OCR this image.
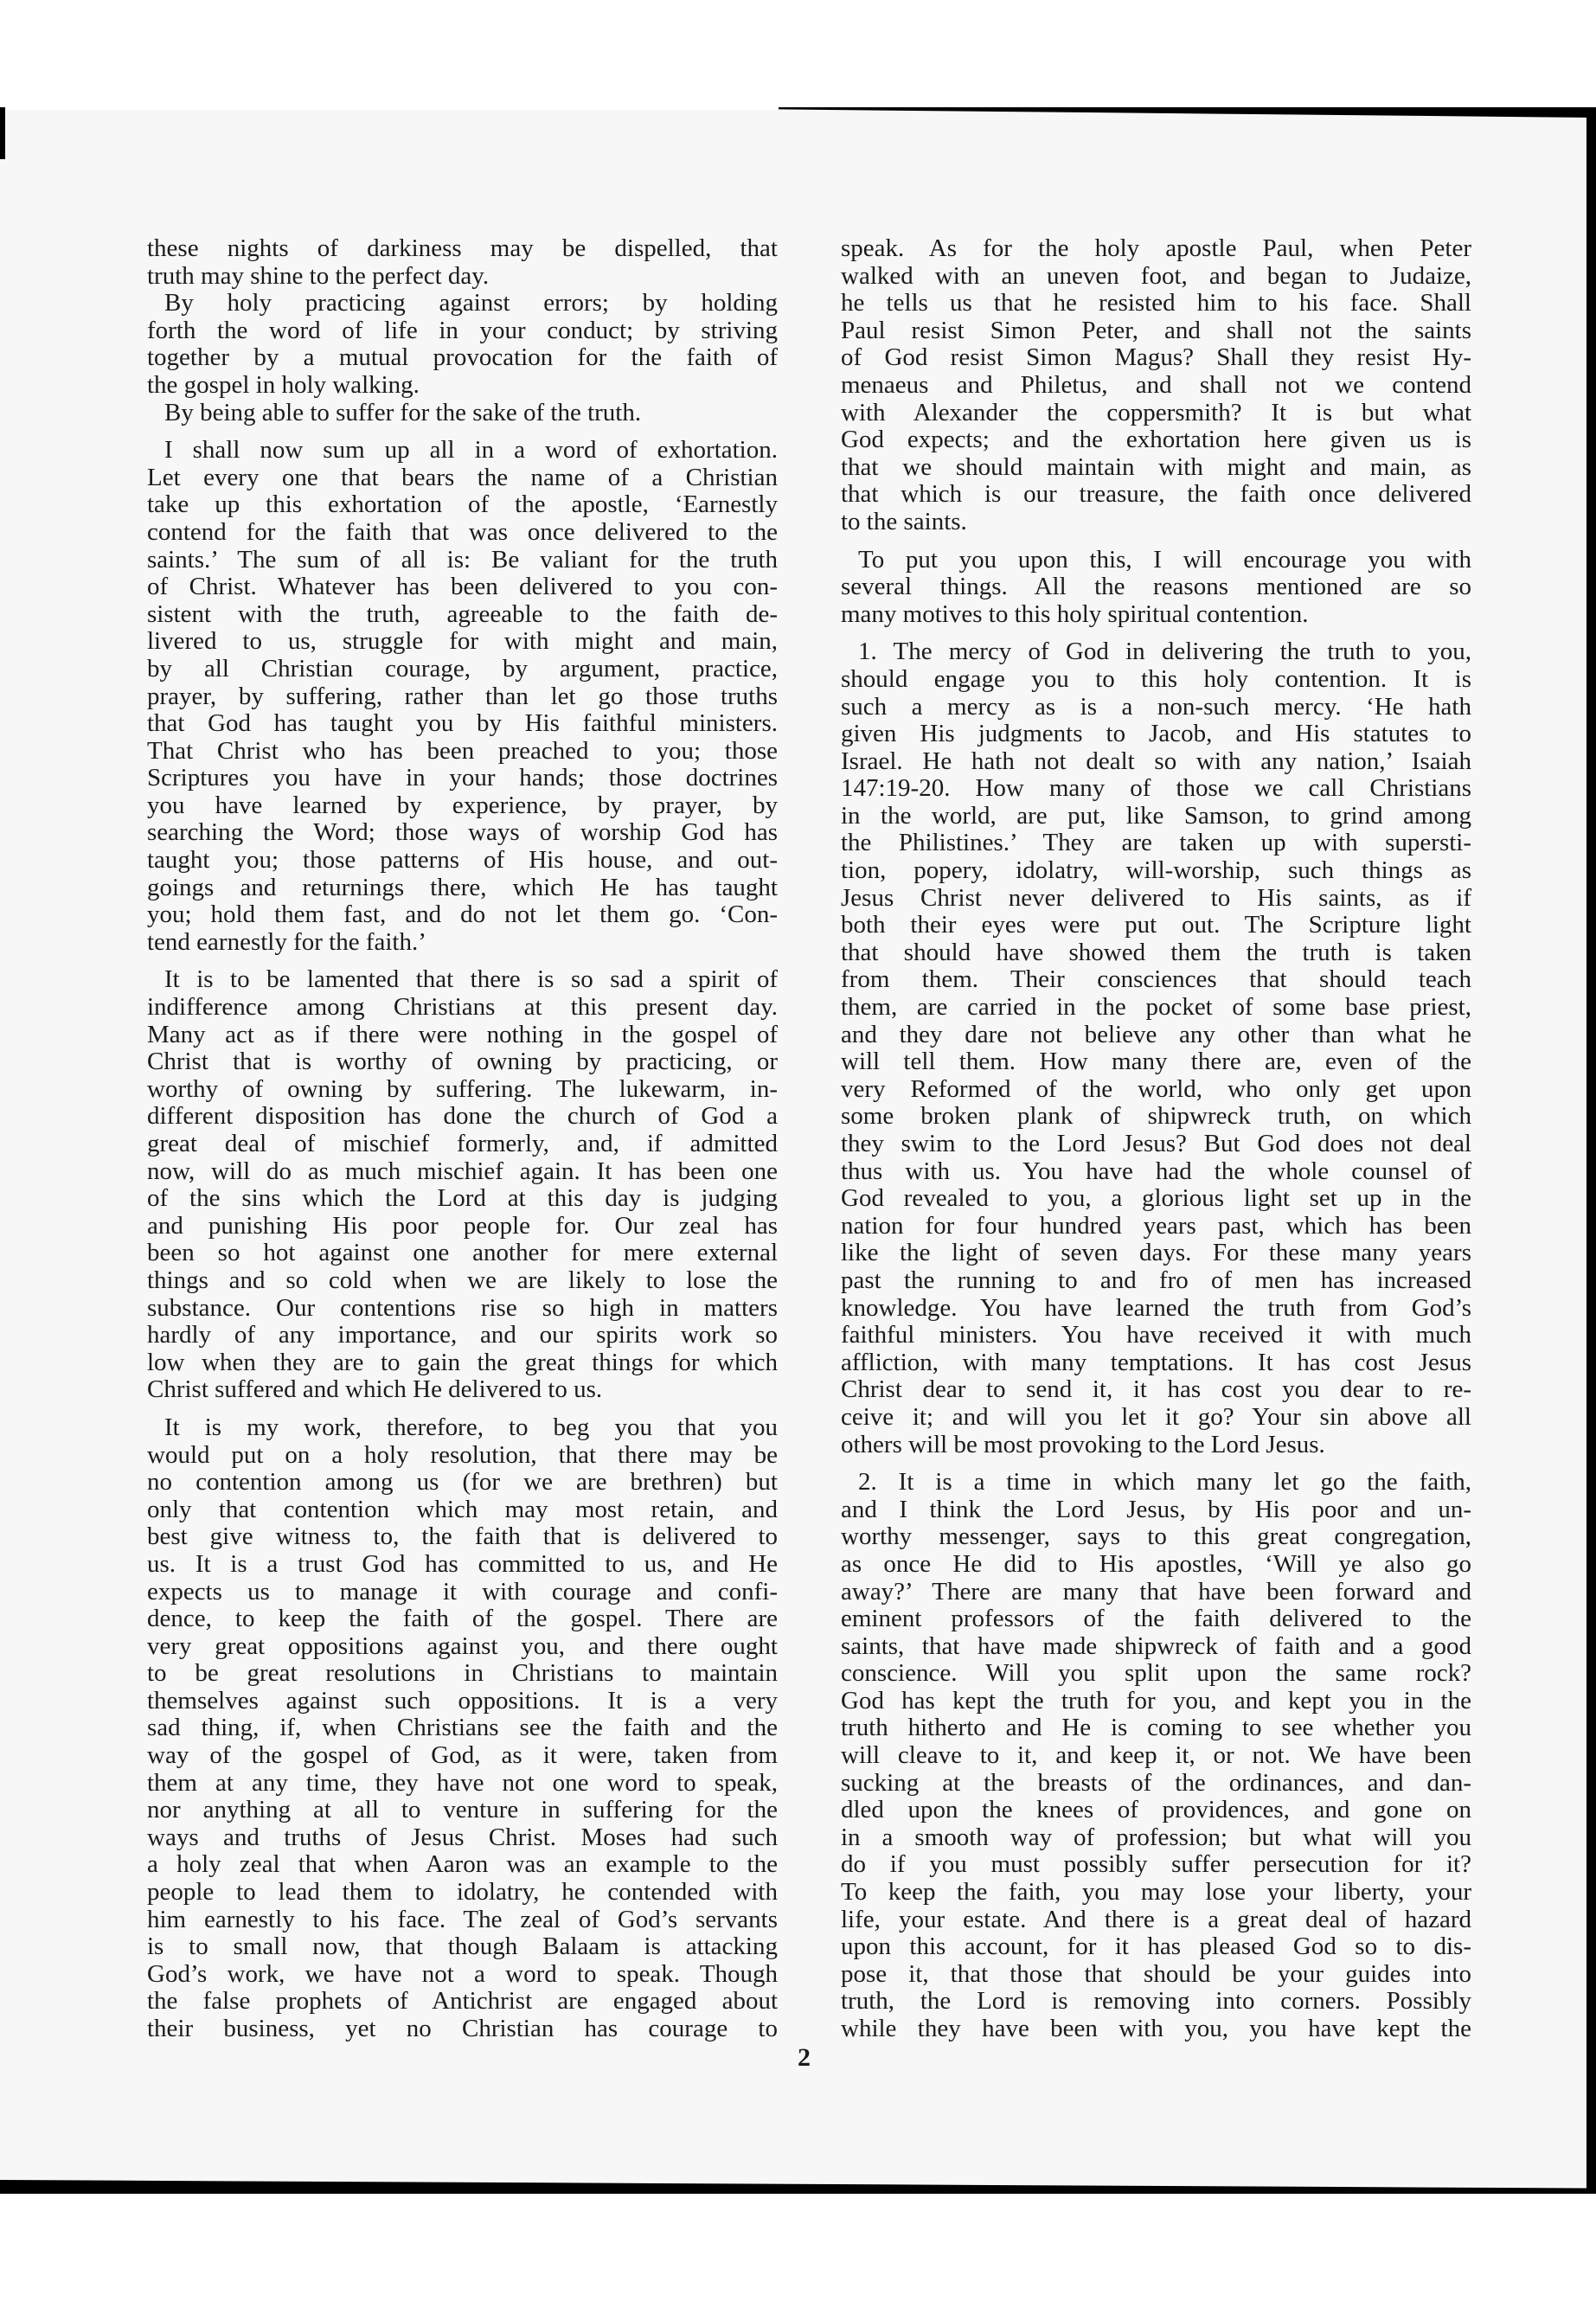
these nights of darkiness may be dispelled, that
truth may shine to the perfect day.
By holy practicing against errors; by holding
forth the word of life in your conduct; by striving
together by a mutual provocation for the faith of
the gospel in holy walking.
By being able to suffer for the sake of the truth.
I shall now sum up all in a word of exhortation.
Let every one that bears the name of a Christian
take up this exhortation of the apostle, ‘Earnestly
contend for the faith that was once delivered to the
saints.’ The sum of all is: Be valiant for the truth
of Christ. Whatever has been delivered to you con-
sistent with the truth, agreeable to the faith de-
livered to us, struggle for with might and main,
by all Christian courage, by argument, practice,
prayer, by suffering, rather than let go those truths
that God has taught you by His faithful ministers.
That Christ who has been preached to you; those
Scriptures you have in your hands; those doctrines
you have learned by experience, by prayer, by
searching the Word; those ways of worship God has
taught you; those patterns of His house, and out-
goings and returnings there, which He has taught
you; hold them fast, and do not let them go. ‘Con-
tend earnestly for the faith.’
It is to be lamented that there is so sad a spirit of
indifference among Christians at this present day.
Many act as if there were nothing in the gospel of
Christ that is worthy of owning by practicing, or
worthy of owning by suffering. The lukewarm, in-
different disposition has done the church of God a
great deal of mischief formerly, and, if admitted
now, will do as much mischief again. It has been one
of the sins which the Lord at this day is judging
and punishing His poor people for. Our zeal has
been so hot against one another for mere external
things and so cold when we are likely to lose the
substance. Our contentions rise so high in matters
hardly of any importance, and our spirits work so
low when they are to gain the great things for which
Christ suffered and which He delivered to us.
It is my work, therefore, to beg you that you
would put on a holy resolution, that there may be
no contention among us (for we are brethren) but
only that contention which may most retain, and
best give witness to, the faith that is delivered to
us. It is a trust God has committed to us, and He
expects us to manage it with courage and confi-
dence, to keep the faith of the gospel. There are
very great oppositions against you, and there ought
to be great resolutions in Christians to maintain
themselves against such oppositions. It is a very
sad thing, if, when Christians see the faith and the
way of the gospel of God, as it were, taken from
them at any time, they have not one word to speak,
nor anything at all to venture in suffering for the
ways and truths of Jesus Christ. Moses had such
a holy zeal that when Aaron was an example to the
people to lead them to idolatry, he contended with
him earnestly to his face. The zeal of God’s servants
is to small now, that though Balaam is attacking
God’s work, we have not a word to speak. Though
the false prophets of Antichrist are engaged about
their business, yet no Christian has courage to
speak. As for the holy apostle Paul, when Peter
walked with an uneven foot, and began to Judaize,
he tells us that he resisted him to his face. Shall
Paul resist Simon Peter, and shall not the saints
of God resist Simon Magus? Shall they resist Hy-
menaeus and Philetus, and shall not we contend
with Alexander the coppersmith? It is but what
God expects; and the exhortation here given us is
that we should maintain with might and main, as
that which is our treasure, the faith once delivered
to the saints.
To put you upon this, I will encourage you with
several things. All the reasons mentioned are so
many motives to this holy spiritual contention.
1. The mercy of God in delivering the truth to you,
should engage you to this holy contention. It is
such a mercy as is a non-such mercy. ‘He hath
given His judgments to Jacob, and His statutes to
Israel. He hath not dealt so with any nation,’ Isaiah
147:19-20. How many of those we call Christians
in the world, are put, like Samson, to grind among
the Philistines.’ They are taken up with supersti-
tion, popery, idolatry, will-worship, such things as
Jesus Christ never delivered to His saints, as if
both their eyes were put out. The Scripture light
that should have showed them the truth is taken
from them. Their consciences that should teach
them, are carried in the pocket of some base priest,
and they dare not believe any other than what he
will tell them. How many there are, even of the
very Reformed of the world, who only get upon
some broken plank of shipwreck truth, on which
they swim to the Lord Jesus? But God does not deal
thus with us. You have had the whole counsel of
God revealed to you, a glorious light set up in the
nation for four hundred years past, which has been
like the light of seven days. For these many years
past the running to and fro of men has increased
knowledge. You have learned the truth from God’s
faithful ministers. You have received it with much
affliction, with many temptations. It has cost Jesus
Christ dear to send it, it has cost you dear to re-
ceive it; and will you let it go? Your sin above all
others will be most provoking to the Lord Jesus.
2. It is a time in which many let go the faith,
and I think the Lord Jesus, by His poor and un-
worthy messenger, says to this great congregation,
as once He did to His apostles, ‘Will ye also go
away?’ There are many that have been forward and
eminent professors of the faith delivered to the
saints, that have made shipwreck of faith and a good
conscience. Will you split upon the same rock?
God has kept the truth for you, and kept you in the
truth hitherto and He is coming to see whether you
will cleave to it, and keep it, or not. We have been
sucking at the breasts of the ordinances, and dan-
dled upon the knees of providences, and gone on
in a smooth way of profession; but what will you
do if you must possibly suffer persecution for it?
To keep the faith, you may lose your liberty, your
life, your estate. And there is a great deal of hazard
upon this account, for it has pleased God so to dis-
pose it, that those that should be your guides into
truth, the Lord is removing into corners. Possibly
while they have been with you, you have kept the
2
